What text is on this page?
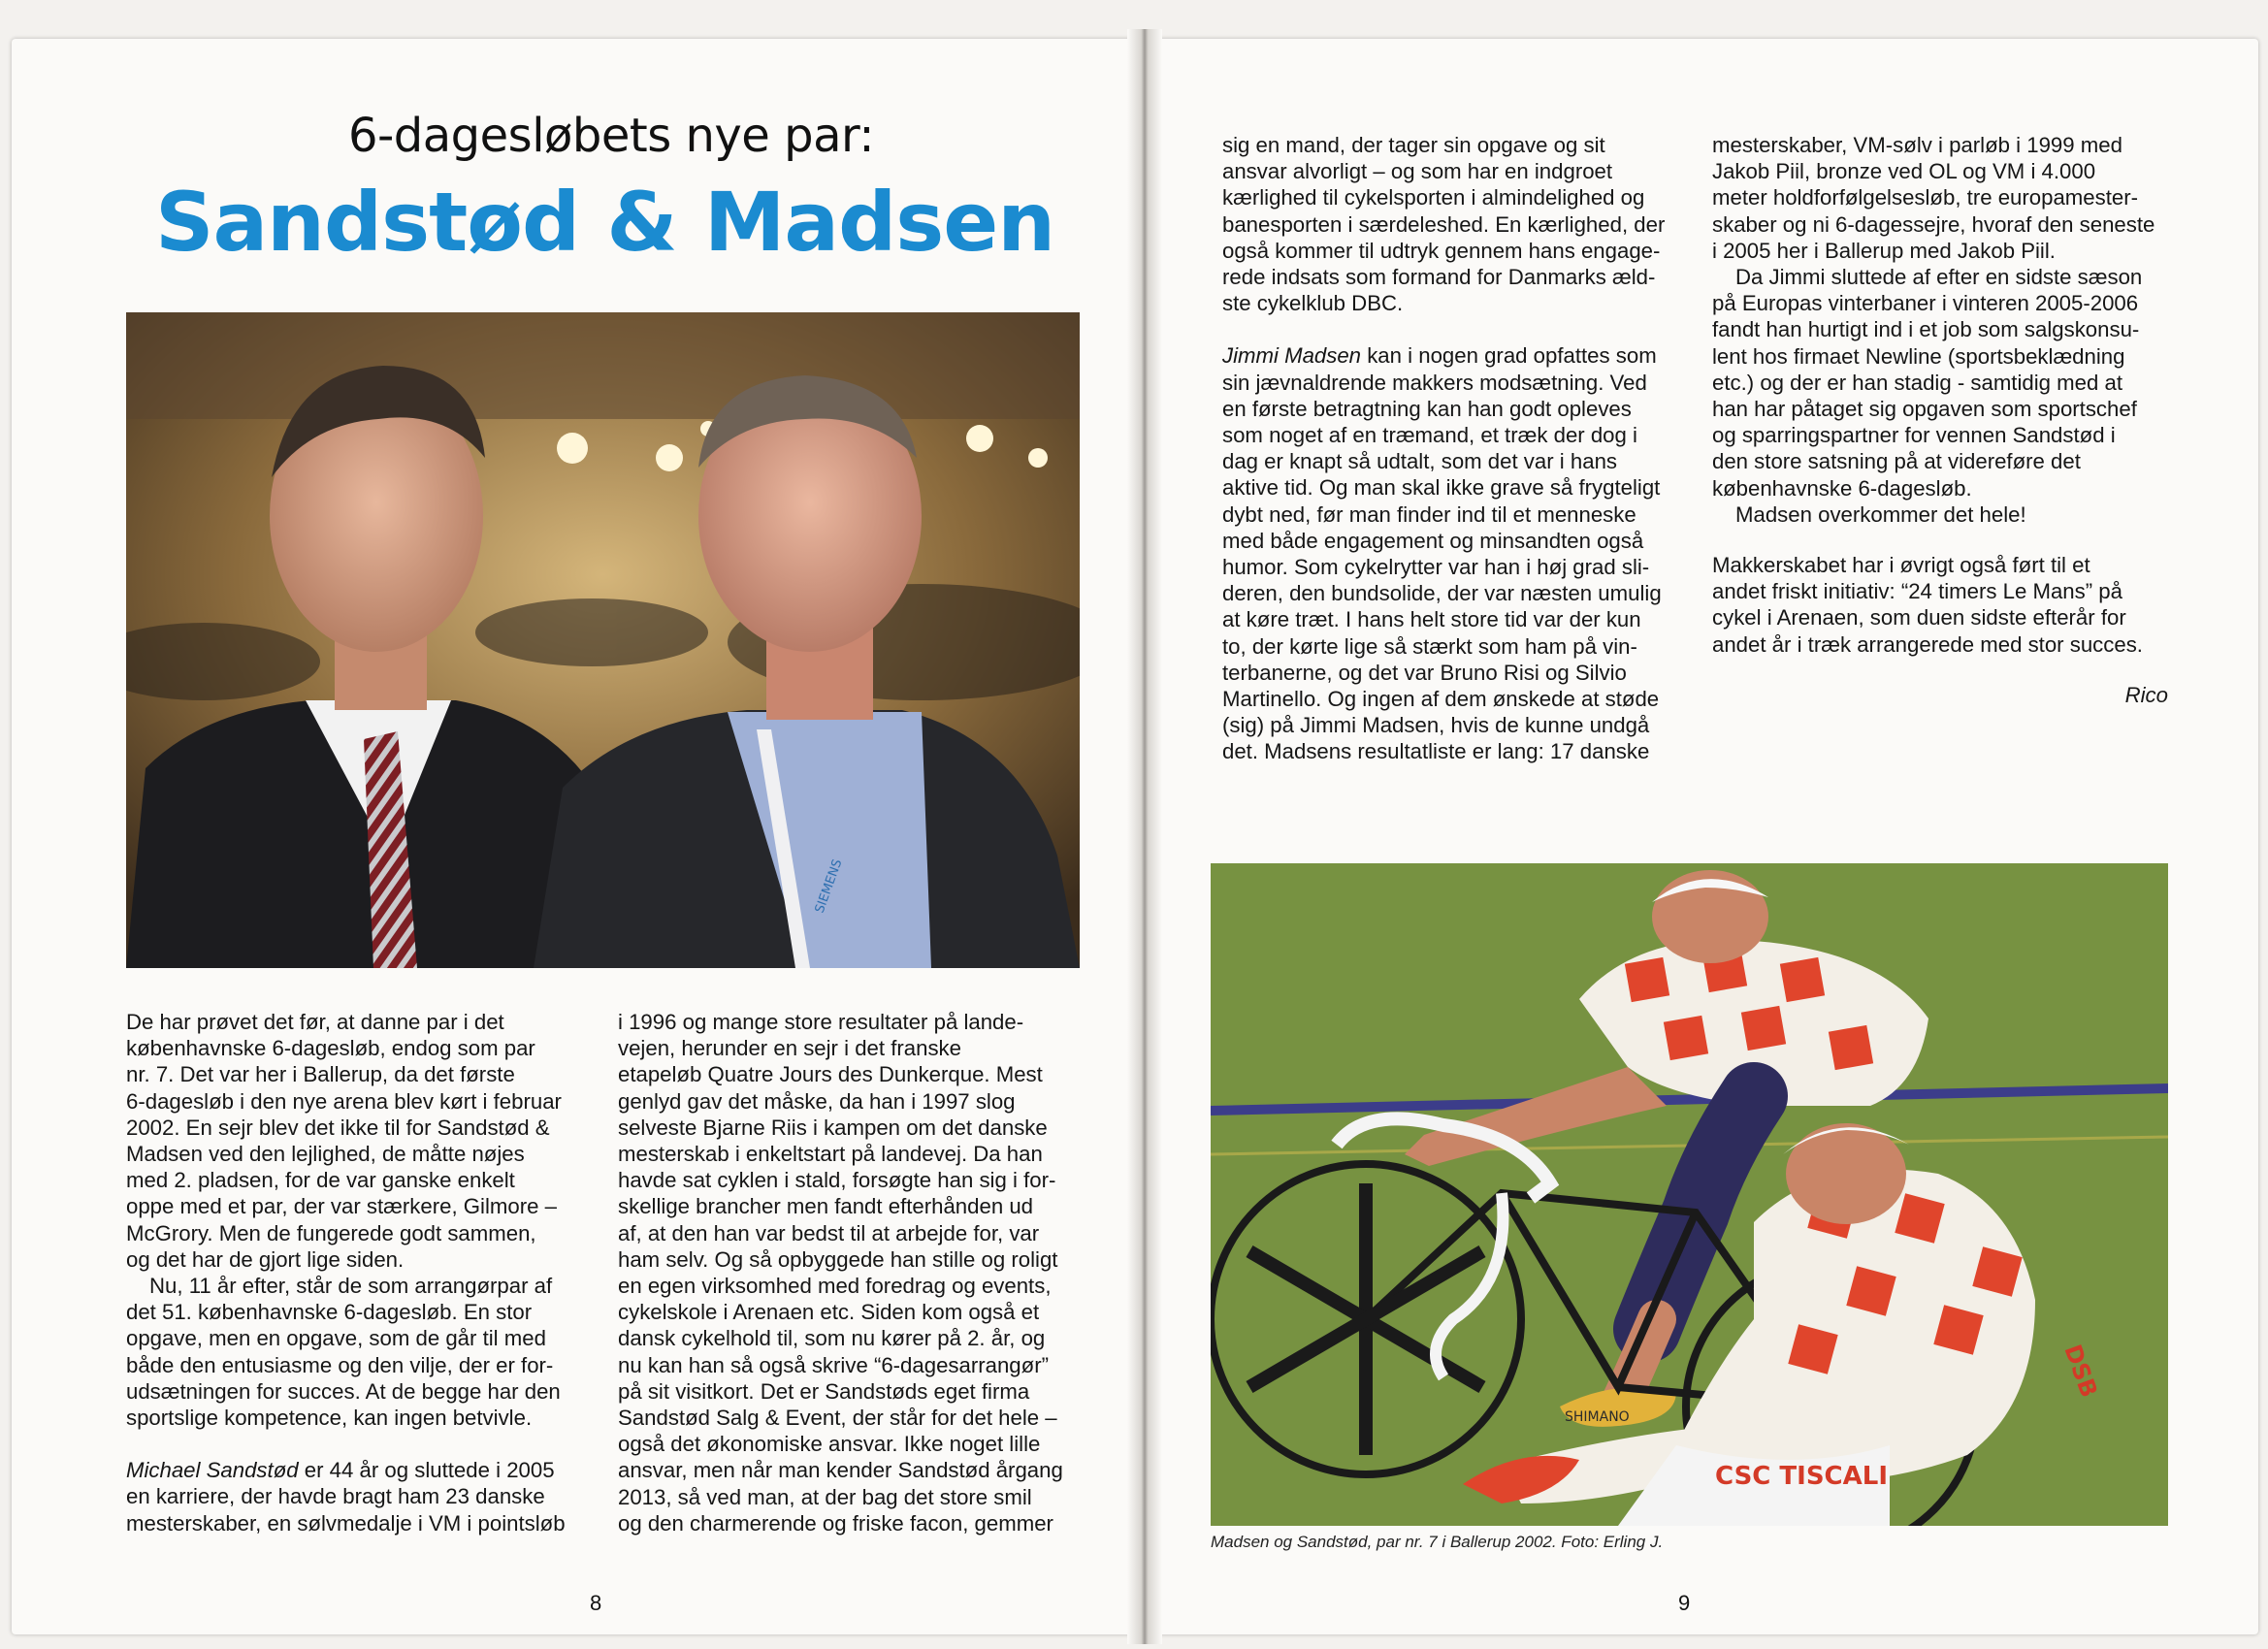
6-dagesløbets nye par:
Sandstød & Madsen
SIEMENS

De har prøvet det før, at danne par i det
københavnske 6-dagesløb, endog som par
nr. 7. Det var her i Ballerup, da det første
6-dagesløb i den nye arena blev kørt i februar
2002. En sejr blev det ikke til for Sandstød &
Madsen ved den lejlighed, de måtte nøjes
med 2. pladsen, for de var ganske enkelt
oppe med et par, der var stærkere, Gilmore –
McGrory. Men de fungerede godt sammen,
og det har de gjort lige siden.

Nu, 11 år efter, står de som arrangørpar af
det 51. københavnske 6-dagesløb. En stor
opgave, men en opgave, som de går til med
både den entusiasme og den vilje, der er for-
udsætningen for succes. At de begge har den
sportslige kompetence, kan ingen betvivle.

Michael Sandstød er 44 år og sluttede i 2005
en karriere, der havde bragt ham 23 danske
mesterskaber, en sølvmedalje i VM i pointsløb

i 1996 og mange store resultater på lande-
vejen, herunder en sejr i det franske
etapeløb Quatre Jours des Dunkerque. Mest
genlyd gav det måske, da han i 1997 slog
selveste Bjarne Riis i kampen om det danske
mesterskab i enkeltstart på landevej. Da han
havde sat cyklen i stald, forsøgte han sig i for-
skellige brancher men fandt efterhånden ud
af, at den han var bedst til at arbejde for, var
ham selv. Og så opbyggede han stille og roligt
en egen virksomhed med foredrag og events,
cykelskole i Arenaen etc. Siden kom også et
dansk cykelhold til, som nu kører på 2. år, og
nu kan han så også skrive “6-dagesarrangør”
på sit visitkort. Det er Sandstøds eget firma
Sandstød Salg & Event, der står for det hele –
også det økonomiske ansvar. Ikke noget lille
ansvar, men når man kender Sandstød årgang
2013, så ved man, at der bag det store smil
og den charmerende og friske facon, gemmer

sig en mand, der tager sin opgave og sit
ansvar alvorligt – og som har en indgroet
kærlighed til cykelsporten i almindelighed og
banesporten i særdeleshed. En kærlighed, der
også kommer til udtryk gennem hans engage-
rede indsats som formand for Danmarks æld-
ste cykelklub DBC.

Jimmi Madsen kan i nogen grad opfattes som
sin jævnaldrende makkers modsætning. Ved
en første betragtning kan han godt opleves
som noget af en træmand, et træk der dog i
dag er knapt så udtalt, som det var i hans
aktive tid. Og man skal ikke grave så frygteligt
dybt ned, før man finder ind til et menneske
med både engagement og minsandten også
humor. Som cykelrytter var han i høj grad sli-
deren, den bundsolide, der var næsten umulig
at køre træt. I hans helt store tid var der kun
to, der kørte lige så stærkt som ham på vin-
terbanerne, og det var Bruno Risi og Silvio
Martinello. Og ingen af dem ønskede at støde
(sig) på Jimmi Madsen, hvis de kunne undgå
det. Madsens resultatliste er lang: 17 danske

mesterskaber, VM-sølv i parløb i 1999 med
Jakob Piil, bronze ved OL og VM i 4.000
meter holdforfølgelsesløb, tre europamester-
skaber og ni 6-dagessejre, hvoraf den seneste
i 2005 her i Ballerup med Jakob Piil.

Da Jimmi sluttede af efter en sidste sæson
på Europas vinterbaner i vinteren 2005-2006
fandt han hurtigt ind i et job som salgskonsu-
lent hos firmaet Newline (sportsbeklædning
etc.) og der er han stadig - samtidig med at
han har påtaget sig opgaven som sportschef
og sparringspartner for vennen Sandstød i
den store satsning på at videreføre det
københavnske 6-dagesløb.

Madsen overkommer det hele!

Makkerskabet har i øvrigt også ført til et
andet friskt initiativ: “24 timers Le Mans” på
cykel i Arenaen, som duen sidste efterår for
andet år i træk arrangerede med stor succes.

Rico

SHIMANO
CSC TISCALI
DSB
Madsen og Sandstød, par nr. 7 i Ballerup 2002. Foto: Erling J.
8	9
